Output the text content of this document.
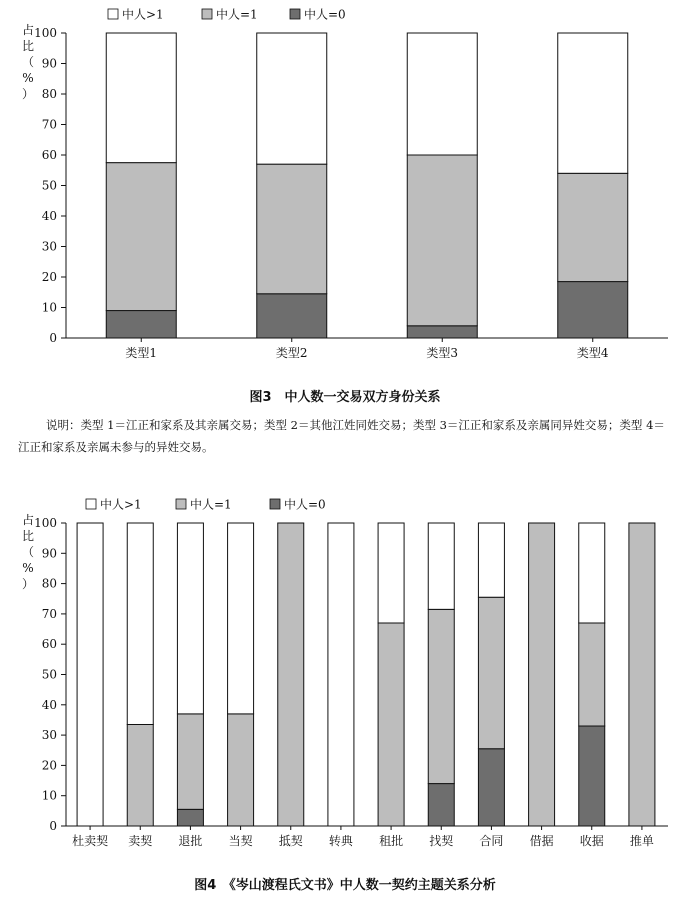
中人>1	中人=1	中人=0
占
比
（
%
）
0
10
20
30
40
50
60
70
80
90
100
类型1	类型2	类型3	类型4
图3　中人数一交易双方身份关系
说明：类型 1＝江正和家系及其亲属交易；类型 2＝其他江姓同姓交易；类型 3＝江正和家系及亲属同异姓交易；类型 4＝江正和家系及亲属未参与的异姓交易。
中人>1	中人=1	中人=0
占
比
（
%
）
0
10
20
30
40
50
60
70
80
90
100
杜卖契 卖契 退批 当契 抵契 转典 租批 找契 合同 借据 收据 推单
图4　《岑山渡程氏文书》中人数一契约主题关系分析
